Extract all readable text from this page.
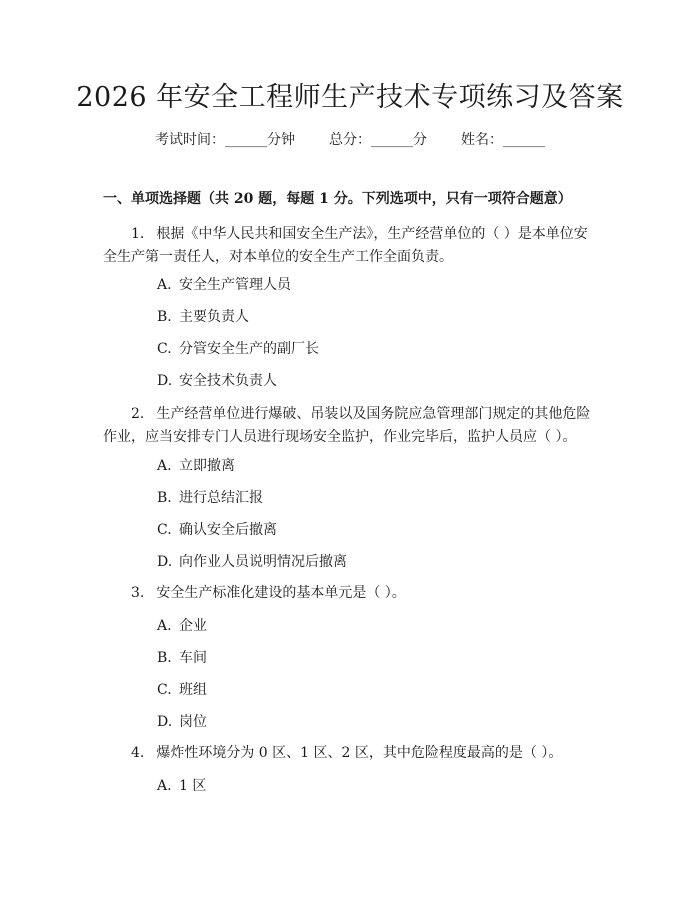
2026 年安全工程师生产技术专项练习及答案
考试时间：______分钟 总分：______分 姓名：______
一、单项选择题（共 20 题，每题 1 分。下列选项中，只有一项符合题意）
1. 根据《中华人民共和国安全生产法》，生产经营单位的（ ）是本单位安全生产第一责任人，对本单位的安全生产工作全面负责。
A. 安全生产管理人员
B. 主要负责人
C. 分管安全生产的副厂长
D. 安全技术负责人
2. 生产经营单位进行爆破、吊装以及国务院应急管理部门规定的其他危险作业，应当安排专门人员进行现场安全监护，作业完毕后，监护人员应（ ）。
A. 立即撤离
B. 进行总结汇报
C. 确认安全后撤离
D. 向作业人员说明情况后撤离
3. 安全生产标准化建设的基本单元是（ ）。
A. 企业
B. 车间
C. 班组
D. 岗位
4. 爆炸性环境分为 0 区、1 区、2 区，其中危险程度最高的是（ ）。
A. 1 区
